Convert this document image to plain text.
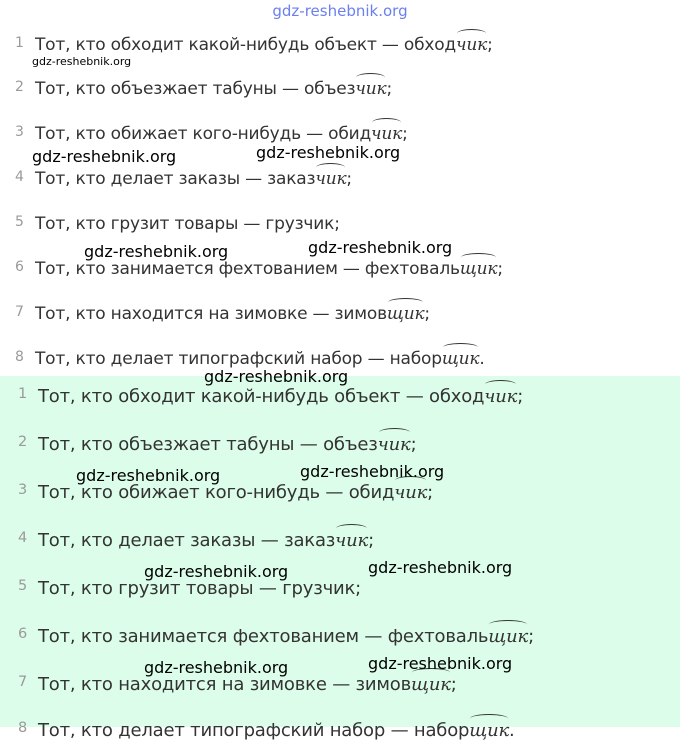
gdz-reshebnik.org
1 Тот, кто обходит какой-нибудь объект — обходчик;
2 Тот, кто объезжает табуны — объезчик;
3 Тот, кто обижает кого-нибудь — обидчик;
4 Тот, кто делает заказы — заказчик;
5 Тот, кто грузит товары — грузчик;
6 Тот, кто занимается фехтованием — фехтовальщик;
7 Тот, кто находится на зимовке — зимовщик;
8 Тот, кто делает типографский набор — наборщик.
1 Тот, кто обходит какой-нибудь объект — обходчик;
2 Тот, кто объезжает табуны — объезчик;
3 Тот, кто обижает кого-нибудь — обидчик;
4 Тот, кто делает заказы — заказчик;
5 Тот, кто грузит товары — грузчик;
6 Тот, кто занимается фехтованием — фехтовальщик;
7 Тот, кто находится на зимовке — зимовщик;
8 Тот, кто делает типографский набор — наборщик.
gdz-reshebnik.org
gdz-reshebnik.org	gdz-reshebnik.org
gdz-reshebnik.org	gdz-reshebnik.org
gdz-reshebnik.org
gdz-reshebnik.org	gdz-reshebnik.org
gdz-reshebnik.org	gdz-reshebnik.org
gdz-reshebnik.org	gdz-reshebnik.org
